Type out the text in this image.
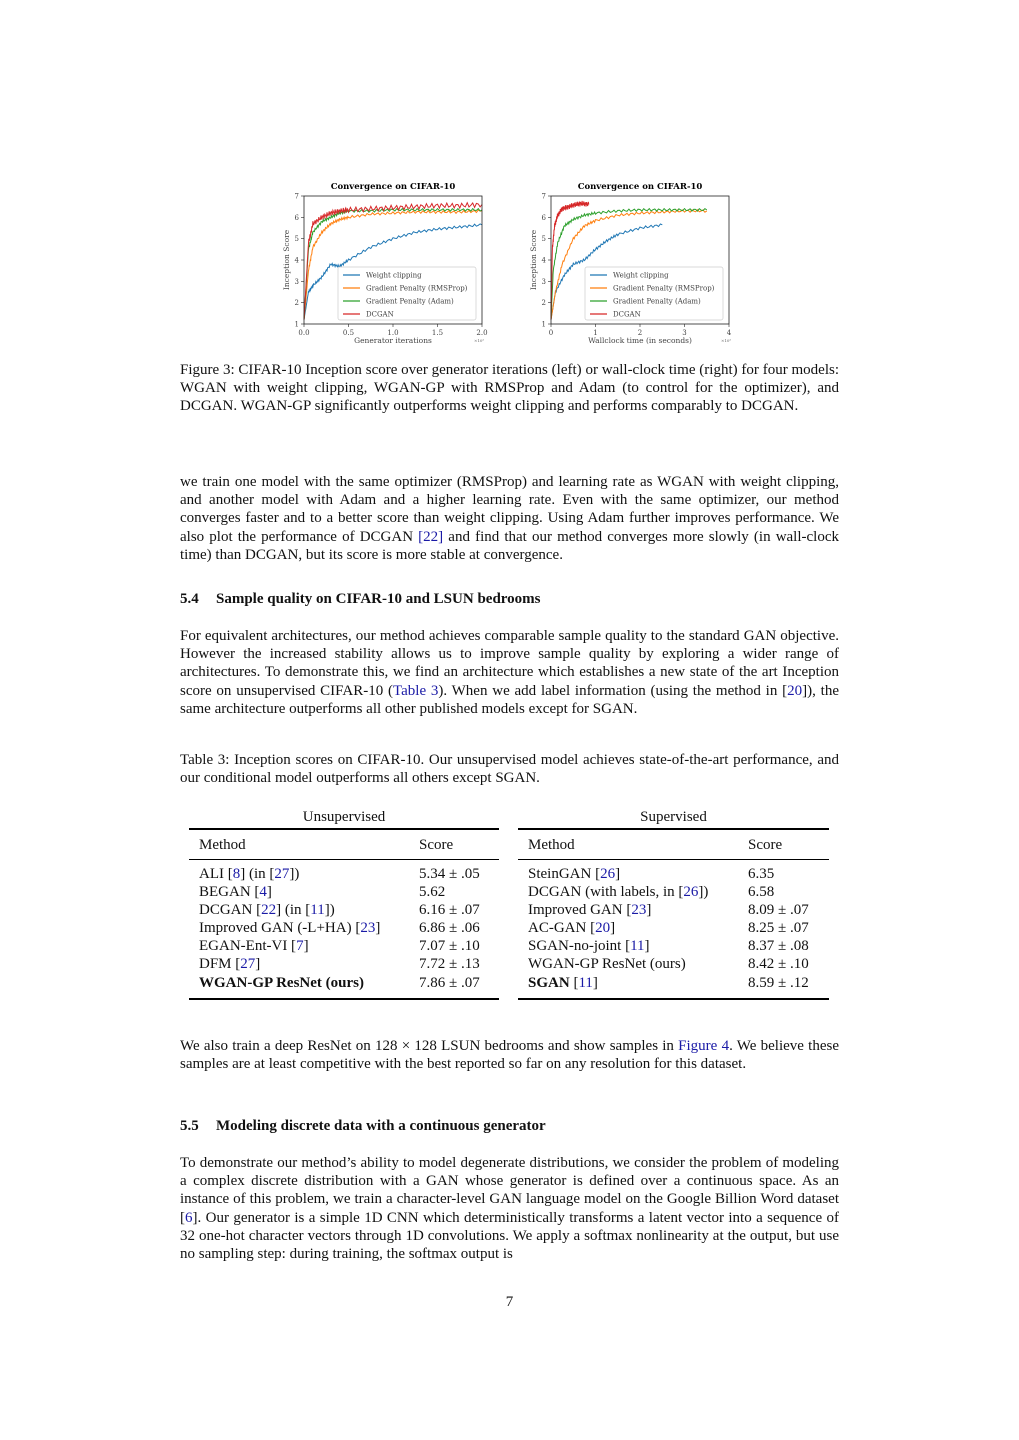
Convergence on CIFAR-10
1
2
3
4
5
6
7
0.0	0.5	1.0	1.5	2.0
×10⁵
Generator iterations
Inception Score	Weight clipping
Gradient Penalty (RMSProp)
Gradient Penalty (Adam)
DCGAN
Convergence on CIFAR-10
1
2
3
4
5
6
7
0	1	2	3	4
×10⁵
Wallclock time (in seconds)
Inception Score	Weight clipping
Gradient Penalty (RMSProp)
Gradient Penalty (Adam)
DCGAN
Figure 3: CIFAR-10 Inception score over generator iterations (left) or wall-clock time (right) for four models: WGAN with weight clipping, WGAN-GP with RMSProp and Adam (to control for the optimizer), and DCGAN. WGAN-GP significantly outperforms weight clipping and performs comparably to DCGAN.
we train one model with the same optimizer (RMSProp) and learning rate as WGAN with weight clipping, and another model with Adam and a higher learning rate. Even with the same optimizer, our method converges faster and to a better score than weight clipping. Using Adam further improves performance. We also plot the performance of DCGAN [22] and find that our method converges more slowly (in wall-clock time) than DCGAN, but its score is more stable at convergence.
5.4 Sample quality on CIFAR-10 and LSUN bedrooms
For equivalent architectures, our method achieves comparable sample quality to the standard GAN objective. However the increased stability allows us to improve sample quality by exploring a wider range of architectures. To demonstrate this, we find an architecture which establishes a new state of the art Inception score on unsupervised CIFAR-10 (Table 3). When we add label information (using the method in [20]), the same architecture outperforms all other published models except for SGAN.
Table 3: Inception scores on CIFAR-10. Our unsupervised model achieves state-of-the-art performance, and our conditional model outperforms all others except SGAN.
Unsupervised
Method	Score
ALI [8] (in [27])	5.34 ± .05
BEGAN [4]	5.62
DCGAN [22] (in [11])	6.16 ± .07
Improved GAN (-L+HA) [23]	6.86 ± .06
EGAN-Ent-VI [7]	7.07 ± .10
DFM [27]	7.72 ± .13
WGAN-GP ResNet (ours)	7.86 ± .07
Supervised
Method	Score
SteinGAN [26]	6.35
DCGAN (with labels, in [26])	6.58
Improved GAN [23]	8.09 ± .07
AC-GAN [20]	8.25 ± .07
SGAN-no-joint [11]	8.37 ± .08
WGAN-GP ResNet (ours)	8.42 ± .10
SGAN [11]	8.59 ± .12
We also train a deep ResNet on 128 × 128 LSUN bedrooms and show samples in Figure 4. We believe these samples are at least competitive with the best reported so far on any resolution for this dataset.
5.5 Modeling discrete data with a continuous generator
To demonstrate our method’s ability to model degenerate distributions, we consider the problem of modeling a complex discrete distribution with a GAN whose generator is defined over a continuous space. As an instance of this problem, we train a character-level GAN language model on the Google Billion Word dataset [6]. Our generator is a simple 1D CNN which deterministically transforms a latent vector into a sequence of 32 one-hot character vectors through 1D convolutions. We apply a softmax nonlinearity at the output, but use no sampling step: during training, the softmax output is
7
